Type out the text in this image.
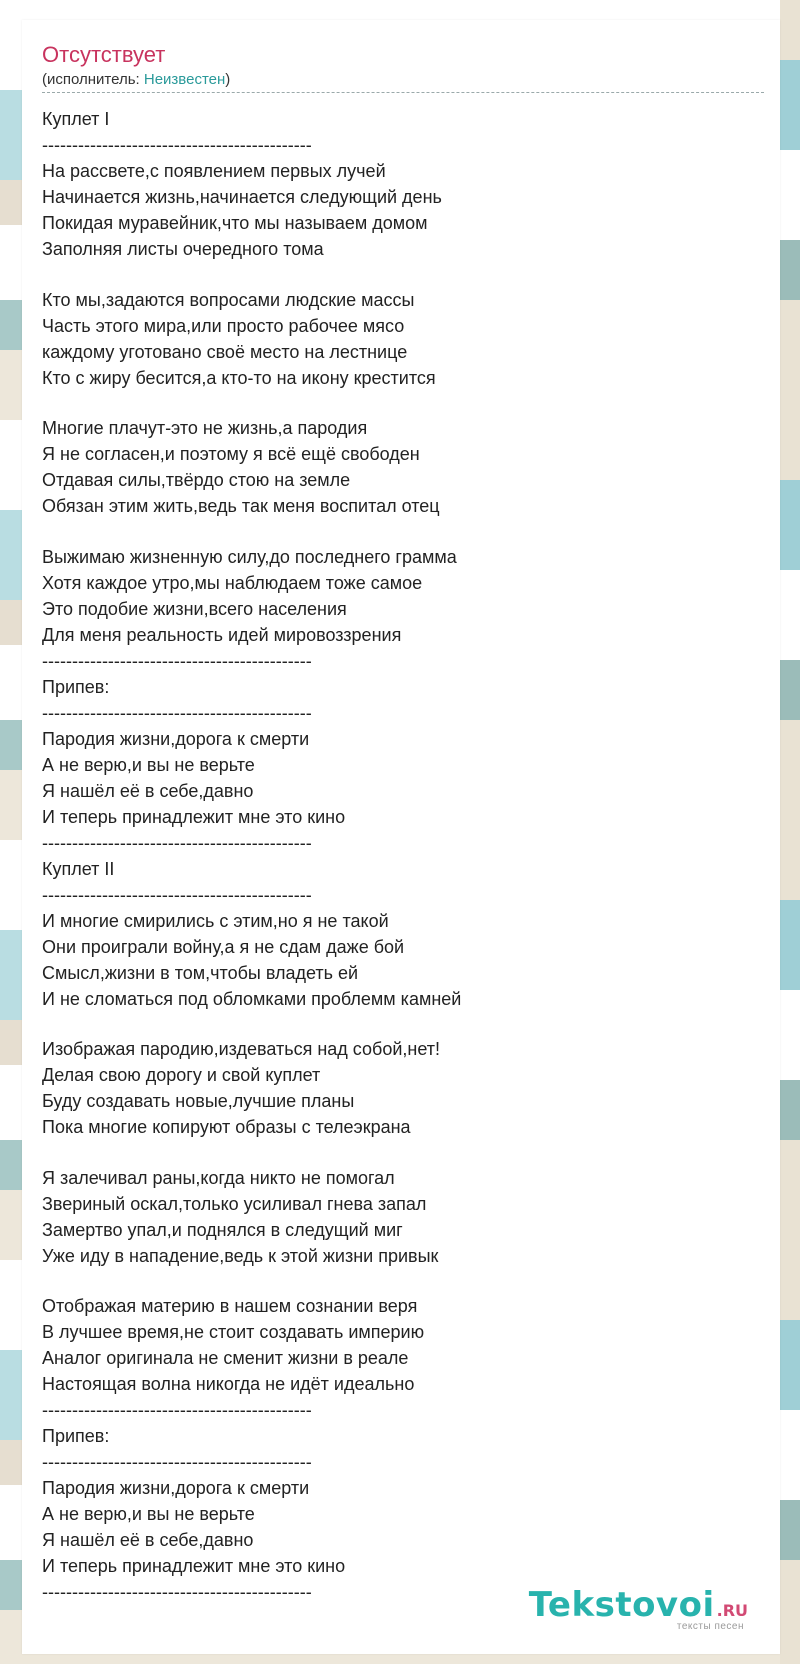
Отсутствует
(исполнитель: Неизвестен)
Куплет I
---------------------------------------------
На рассвете,с появлением первых лучей
Начинается жизнь,начинается следующий день
Покидая муравейник,что мы называем домом
Заполняя листы очередного тома
Кто мы,задаются вопросами людские массы
Часть этого мира,или просто рабочее мясо
каждому уготовано своё место на лестнице
Кто с жиру бесится,а кто-то на икону крестится
Многие плачут-это не жизнь,а пародия
Я не согласен,и поэтому я всё ещё свободен
Отдавая силы,твёрдо стою на земле
Обязан этим жить,ведь так меня воспитал отец
Выжимаю жизненную силу,до последнего грамма
Хотя каждое утро,мы наблюдаем тоже самое
Это подобие жизни,всего населения
Для меня реальность идей мировоззрения
---------------------------------------------
Припев:
---------------------------------------------
Пародия жизни,дорога к смерти
А не верю,и вы не верьте
Я нашёл её в себе,давно
И теперь принадлежит мне это кино
---------------------------------------------
Куплет II
---------------------------------------------
И многие смирились с этим,но я не такой
Они проиграли войну,а я не сдам даже бой
Смысл,жизни в том,чтобы владеть ей
И не сломаться под обломками проблемм камней
Изображая пародию,издеваться над собой,нет!
Делая свою дорогу и свой куплет
Буду создавать новые,лучшие планы
Пока многие копируют образы с телеэкрана
Я залечивал раны,когда никто не помогал
Звериный оскал,только усиливал гнева запал
Замертво упал,и поднялся в следущий миг
Уже иду в нападение,ведь к этой жизни привык
Отображая материю в нашем сознании веря
В лучшее время,не стоит создавать империю
Аналог оригинала не сменит жизни в реале
Настоящая волна никогда не идёт идеально
---------------------------------------------
Припев:
---------------------------------------------
Пародия жизни,дорога к смерти
А не верю,и вы не верьте
Я нашёл её в себе,давно
И теперь принадлежит мне это кино
---------------------------------------------	Tekstovoi .RU
тексты песен
